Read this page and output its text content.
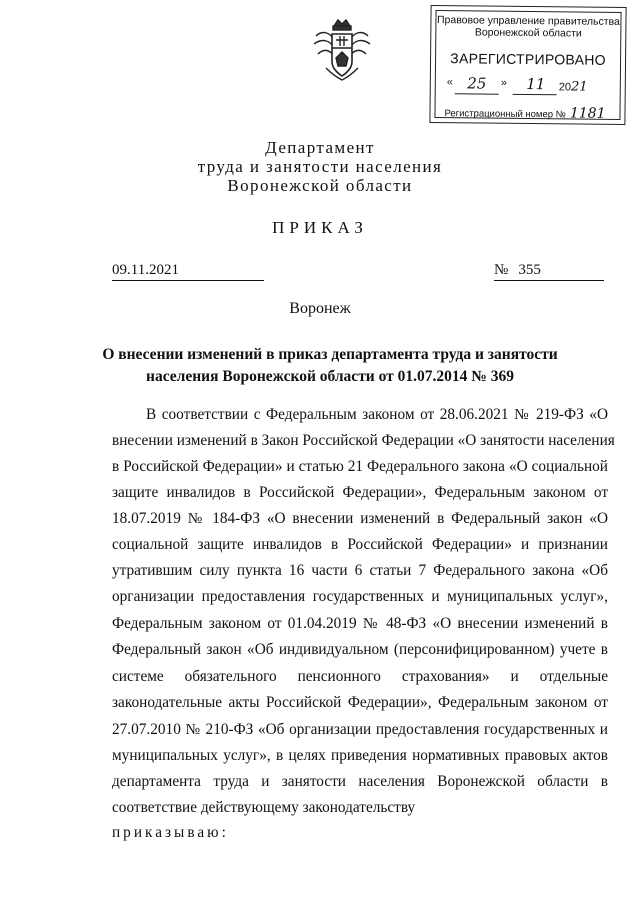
Правовое управление правительства
Воронежской области
ЗАРЕГИСТРИРОВАНО
« 25	»	11	2021
Регистрационный номер № 1181
Департамент
труда и занятости населения
Воронежской области
ПРИКАЗ
09.11.2021	№ 355
Воронеж
О внесении изменений в приказ департамента труда и занятости
населения Воронежской области от 01.07.2014 № 369
В соответствии с Федеральным законом от 28.06.2021 № 219-ФЗ «О
внесении изменений в Закон Российской Федерации «О занятости населения
в Российской Федерации» и статью 21 Федерального закона «О социальной
защите инвалидов в Российской Федерации», Федеральным законом от
18.07.2019 № 184-ФЗ «О внесении изменений в Федеральный закон «О
социальной защите инвалидов в Российской Федерации» и признании
утратившим силу пункта 16 части 6 статьи 7 Федерального закона «Об
организации предоставления государственных и муниципальных услуг»,
Федеральным законом от 01.04.2019 № 48-ФЗ «О внесении изменений в
Федеральный закон «Об индивидуальном (персонифицированном) учете в
системе обязательного пенсионного страхования» и отдельные
законодательные акты Российской Федерации», Федеральным законом от
27.07.2010 № 210-ФЗ «Об организации предоставления государственных и
муниципальных услуг», в целях приведения нормативных правовых актов
департамента труда и занятости населения Воронежской области в
соответствие действующему законодательству
приказываю:
